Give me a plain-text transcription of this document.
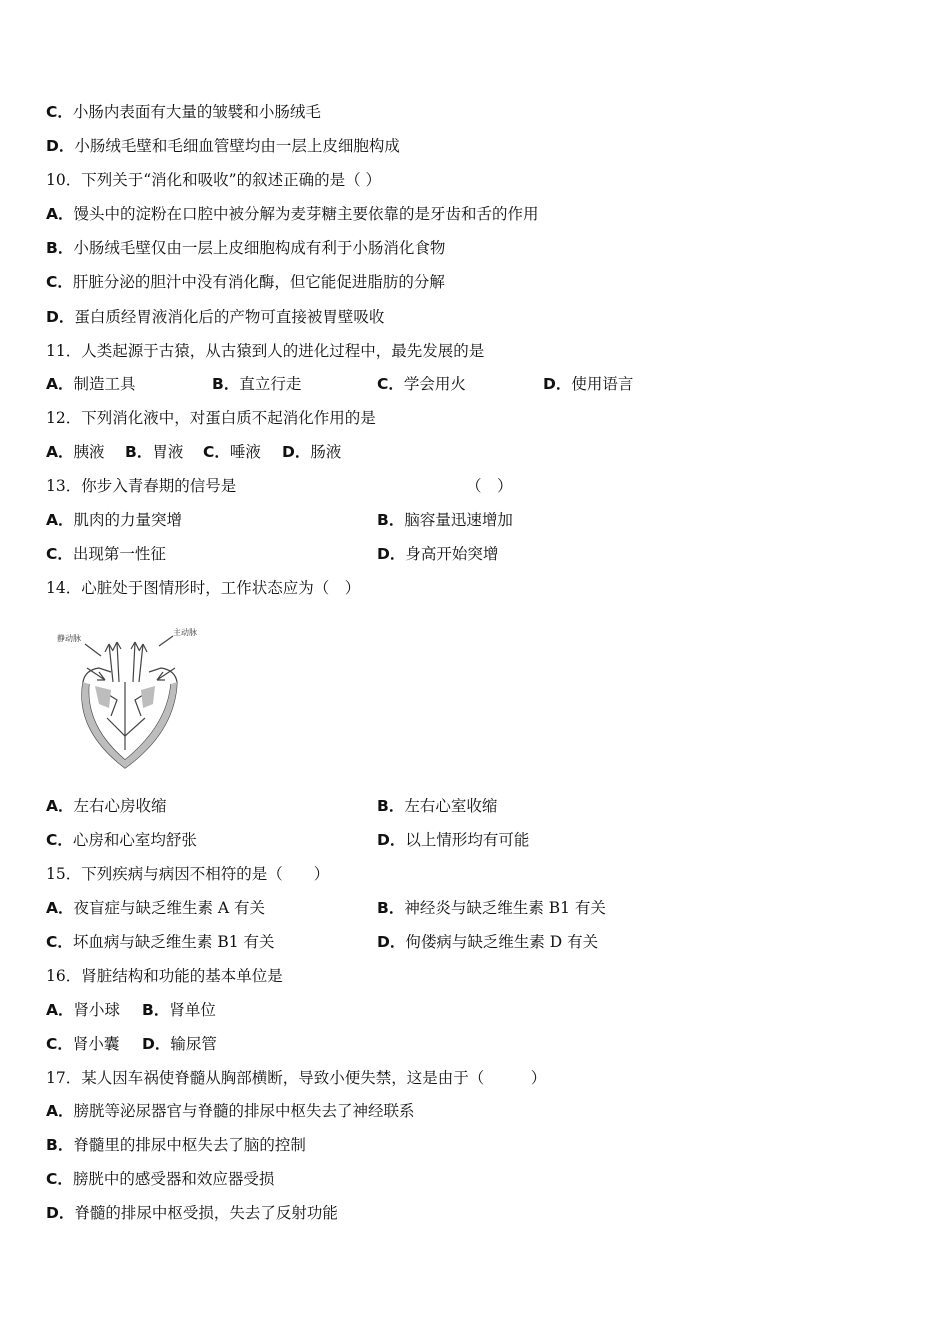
C．小肠内表面有大量的皱襞和小肠绒毛
D．小肠绒毛壁和毛细血管壁均由一层上皮细胞构成
10．下列关于“消化和吸收”的叙述正确的是（ ）
A．馒头中的淀粉在口腔中被分解为麦芽糖主要依靠的是牙齿和舌的作用
B．小肠绒毛壁仅由一层上皮细胞构成有利于小肠消化食物
C．肝脏分泌的胆汁中没有消化酶，但它能促进脂肪的分解
D．蛋白质经胃液消化后的产物可直接被胃壁吸收
11．人类起源于古猿，从古猿到人的进化过程中，最先发展的是
A．制造工具	B．直立行走	C．学会用火	D．使用语言
12．下列消化液中，对蛋白质不起消化作用的是
A．胰液 B．胃液 C．唾液 D．肠液
13．你步入青春期的信号是	（　）
A．肌肉的力量突增	B．脑容量迅速增加
C．出现第一性征	D．身高开始突增
14．心脏处于图情形时，工作状态应为（　）
静动脉
主动脉
A．左右心房收缩	B．左右心室收缩
C．心房和心室均舒张	D．以上情形均有可能
15．下列疾病与病因不相符的是（　　）
A．夜盲症与缺乏维生素 A 有关	B．神经炎与缺乏维生素 B1 有关
C．坏血病与缺乏维生素 B1 有关	D．佝偻病与缺乏维生素 D 有关
16．肾脏结构和功能的基本单位是
A．肾小球 B．肾单位
C．肾小囊 D．输尿管
17．某人因车祸使脊髓从胸部横断，导致小便失禁，这是由于（　　　）
A．膀胱等泌尿器官与脊髓的排尿中枢失去了神经联系
B．脊髓里的排尿中枢失去了脑的控制
C．膀胱中的感受器和效应器受损
D．脊髓的排尿中枢受损，失去了反射功能
